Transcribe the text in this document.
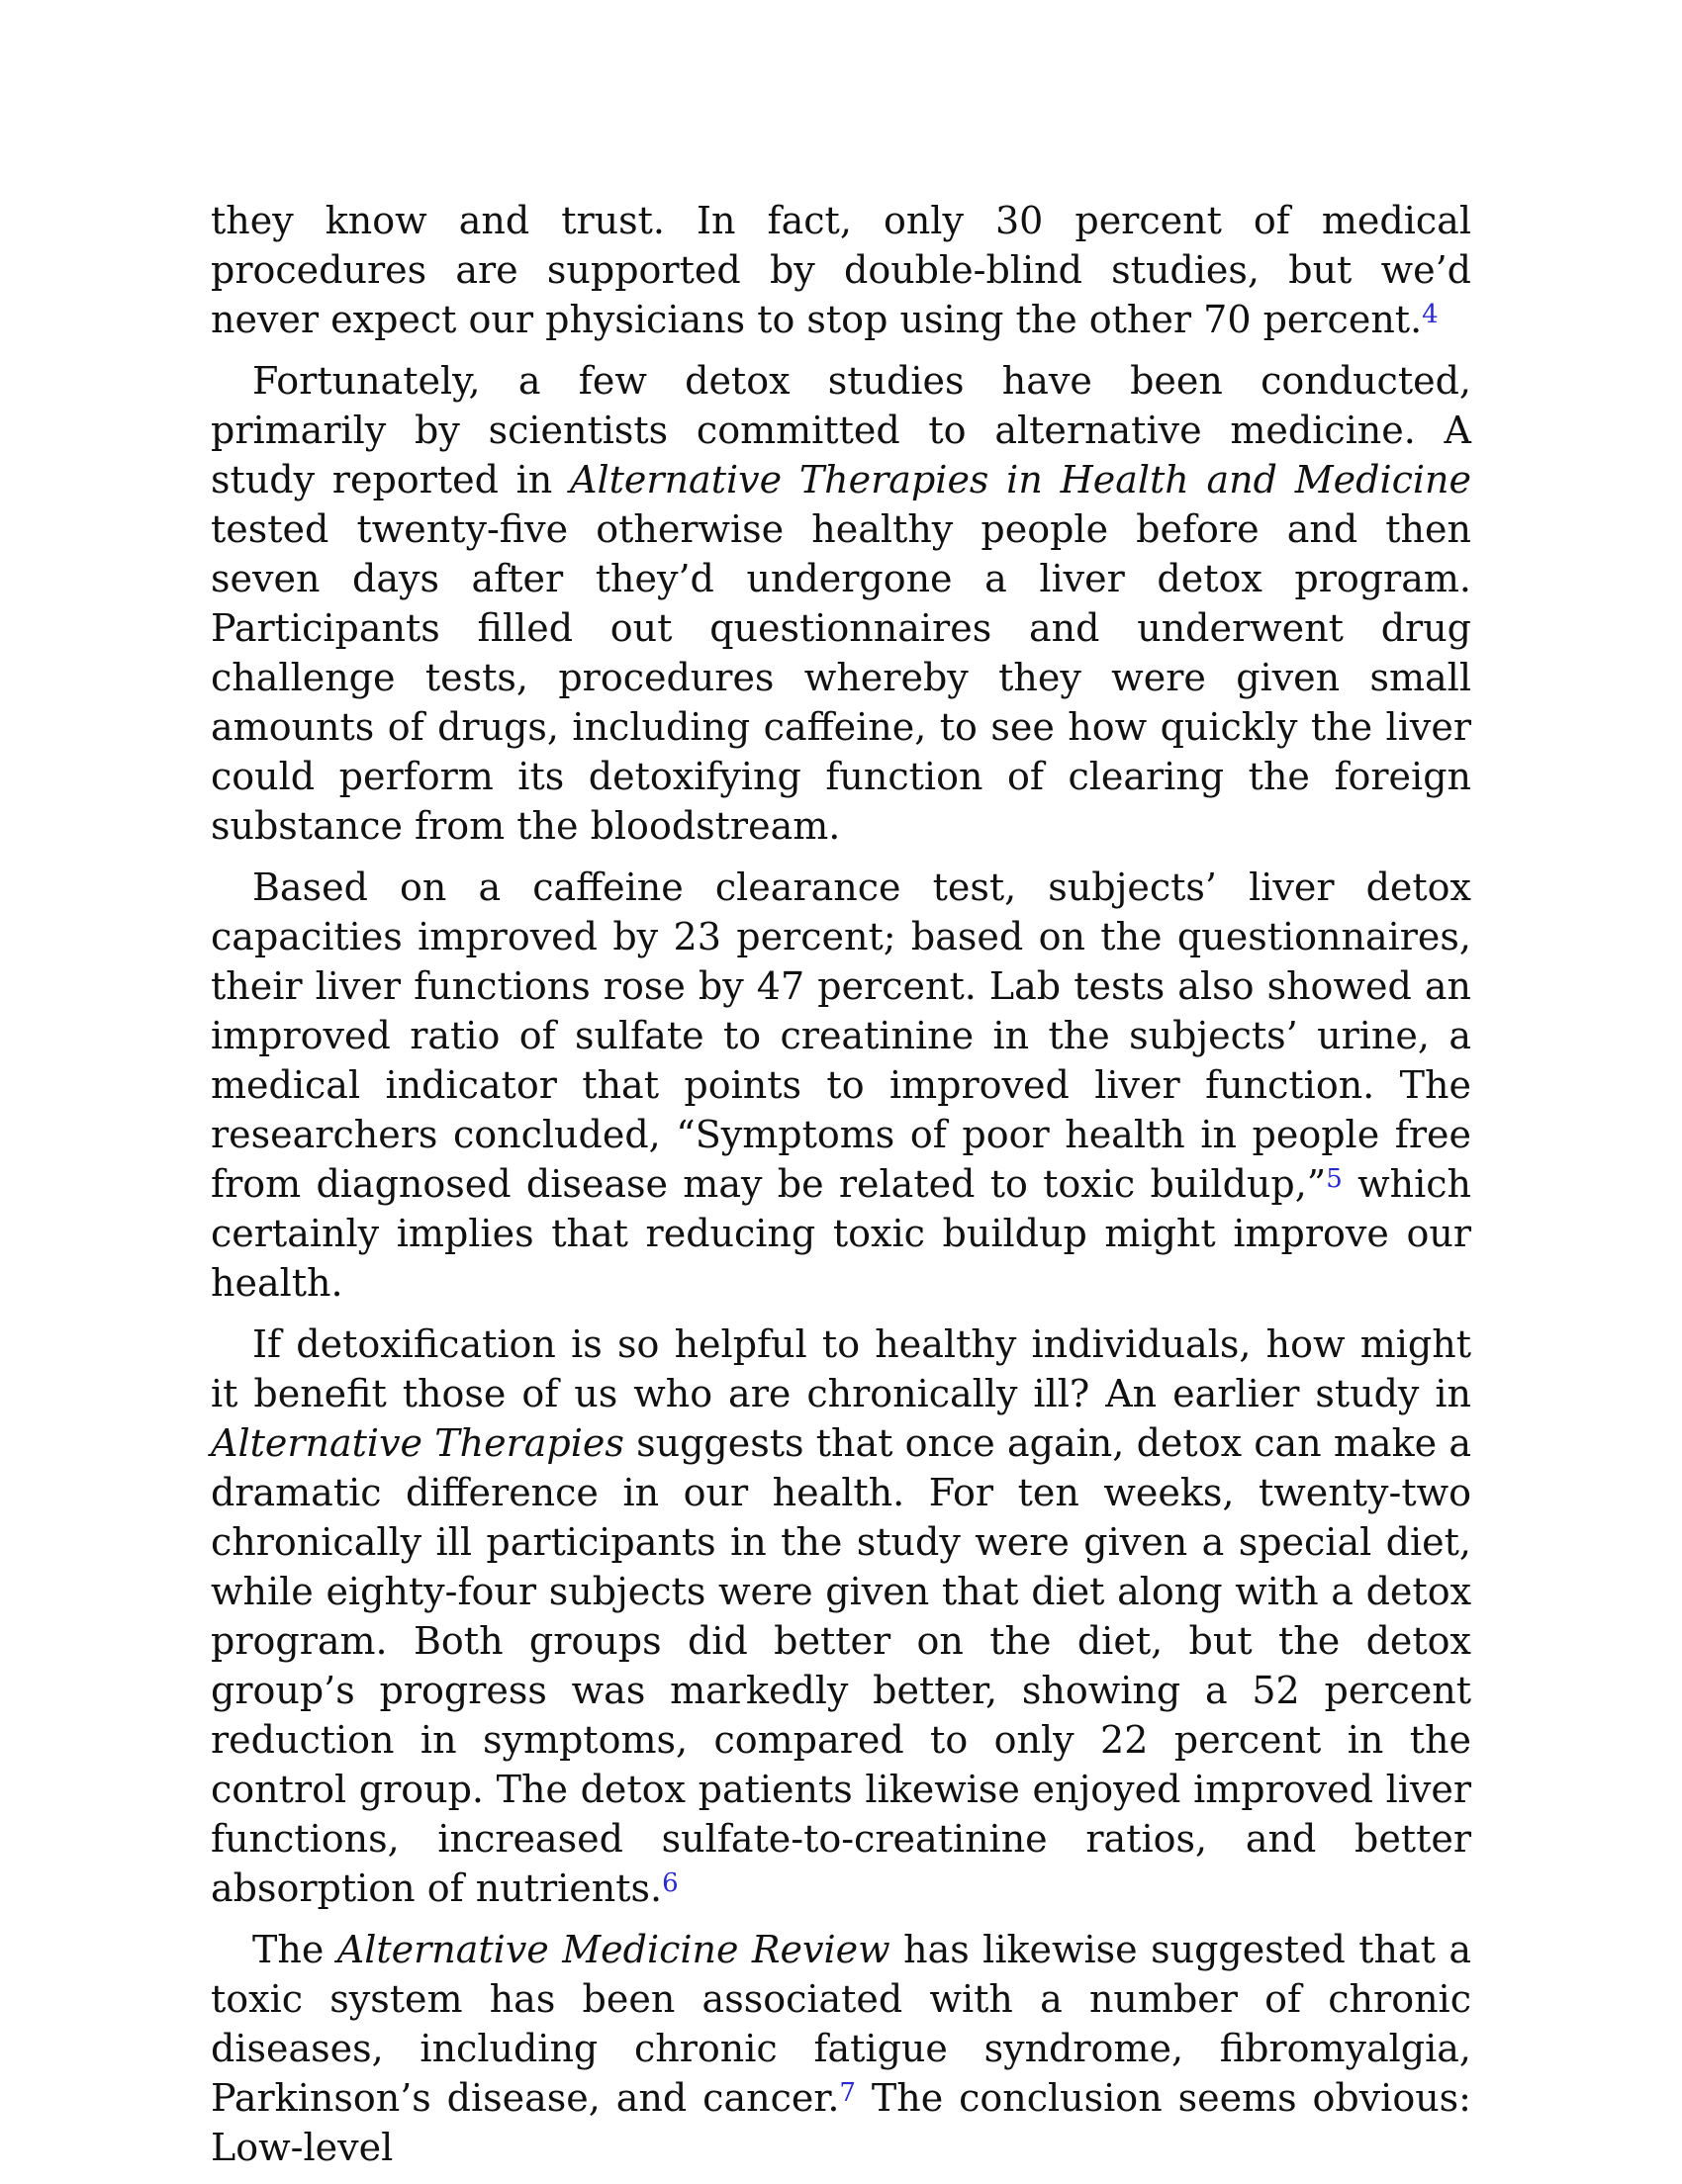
they know and trust. In fact, only 30 percent of medical procedures are supported by double-blind studies, but we’d never expect our physicians to stop using the other 70 percent.$^4$

Fortunately, a few detox studies have been conducted, primarily by scientists committed to alternative medicine. A study reported in Alternative Therapies in Health and Medicine tested twenty-five otherwise healthy people before and then seven days after they’d undergone a liver detox program. Participants filled out questionnaires and underwent drug challenge tests, procedures whereby they were given small amounts of drugs, including caffeine, to see how quickly the liver could perform its detoxifying function of clearing the foreign substance from the bloodstream.

Based on a caffeine clearance test, subjects’ liver detox capacities improved by 23 percent; based on the questionnaires, their liver functions rose by 47 percent. Lab tests also showed an improved ratio of sulfate to creatinine in the subjects’ urine, a medical indicator that points to improved liver function. The researchers concluded, “Symptoms of poor health in people free from diagnosed disease may be related to toxic buildup,”$^5$ which certainly implies that reducing toxic buildup might improve our health.

If detoxification is so helpful to healthy individuals, how might it benefit those of us who are chronically ill? An earlier study in Alternative Therapies suggests that once again, detox can make a dramatic difference in our health. For ten weeks, twenty-two chronically ill participants in the study were given a special diet, while eighty-four subjects were given that diet along with a detox program. Both groups did better on the diet, but the detox group’s progress was markedly better, showing a 52 percent reduction in symptoms, compared to only 22 percent in the control group. The detox patients likewise enjoyed improved liver functions, increased sulfate-to-creatinine ratios, and better absorption of nutrients.$^6$

The Alternative Medicine Review has likewise suggested that a toxic system has been associated with a number of chronic diseases, including chronic fatigue syndrome, fibromyalgia, Parkinson’s disease, and cancer.$^7$ The conclusion seems obvious: Low-level
